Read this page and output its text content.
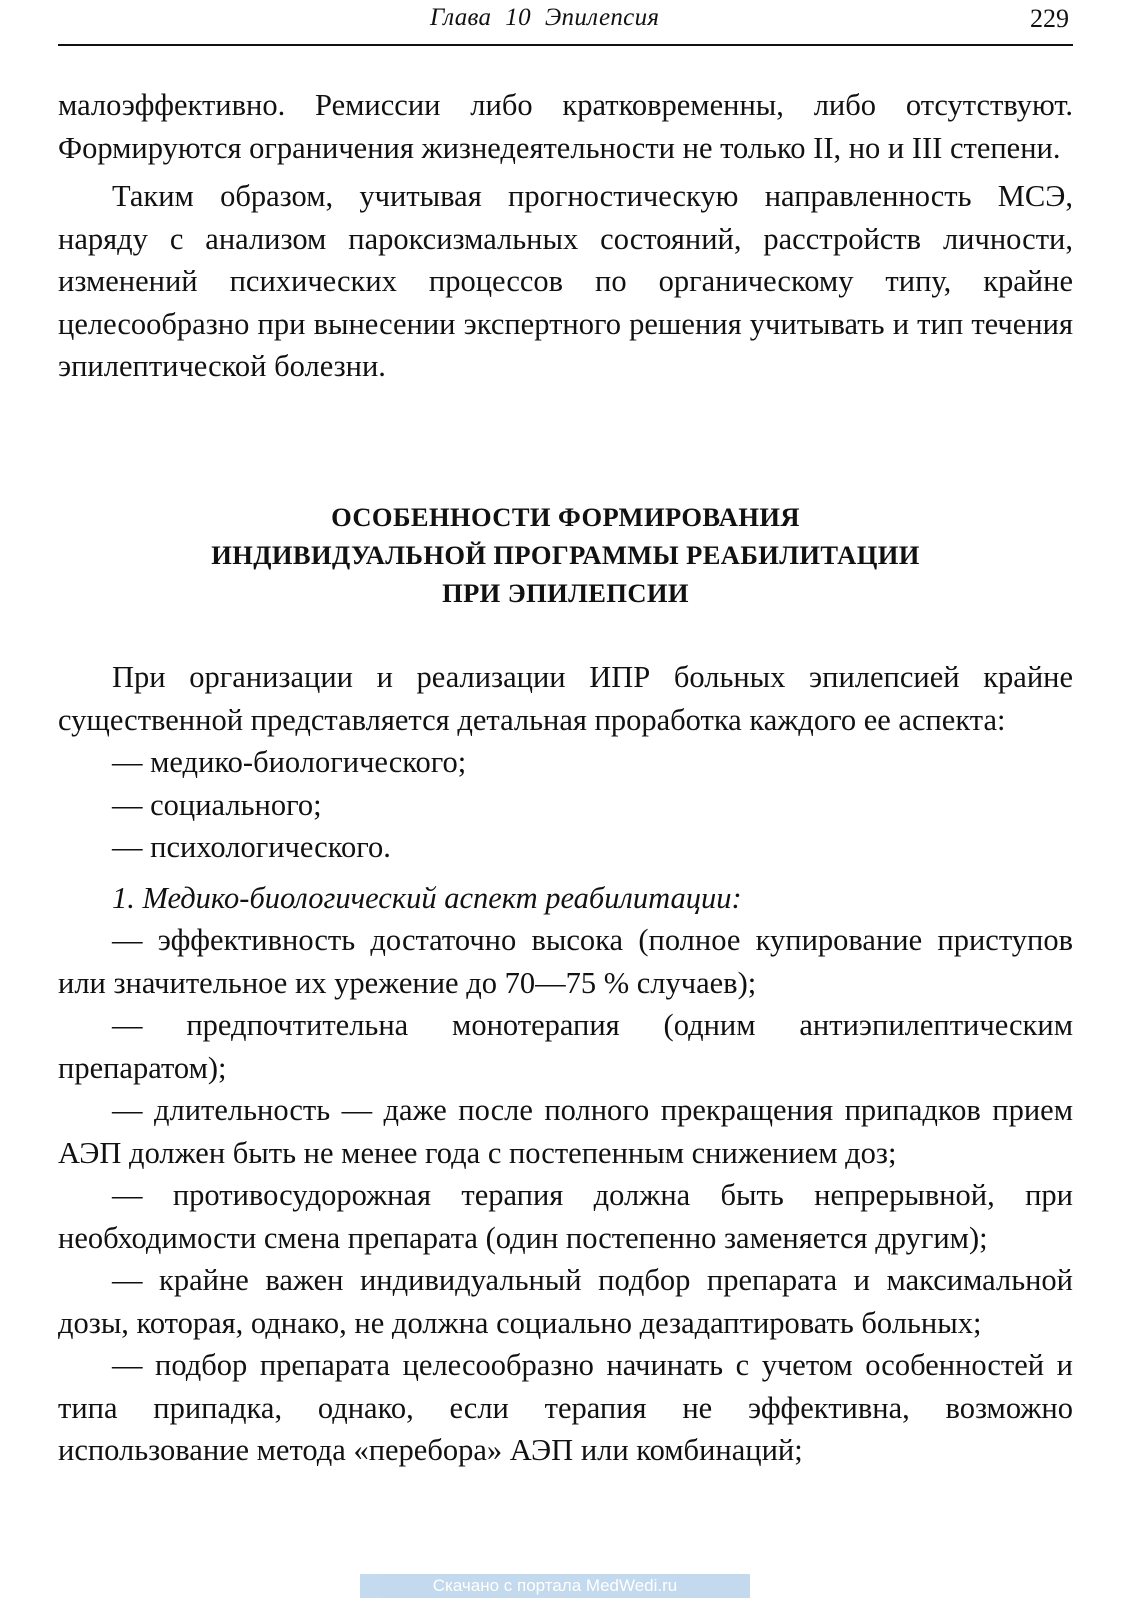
Глава 10 Эпилепсия	229

малоэффективно. Ремиссии либо кратковременны, либо отсутствуют. Формируются ограничения жизнедеятельности не только II, но и III степени.

Таким образом, учитывая прогностическую направленность МСЭ, наряду с анализом пароксизмальных состояний, расстройств личности, изменений психических процессов по органическому типу, крайне целесообразно при вынесении экспертного решения учитывать и тип течения эпилептической болезни.

ОСОБЕННОСТИ ФОРМИРОВАНИЯ
ИНДИВИДУАЛЬНОЙ ПРОГРАММЫ РЕАБИЛИТАЦИИ
ПРИ ЭПИЛЕПСИИ

При организации и реализации ИПР больных эпилепсией крайне существенной представляется детальная проработка каждого ее аспекта:

— медико-биологического;

— социального;

— психологического.

1. Медико-биологический аспект реабилитации:

— эффективность достаточно высока (полное купирование приступов или значительное их урежение до 70—75 % случаев);

— предпочтительна монотерапия (одним антиэпилептическим препаратом);

— длительность — даже после полного прекращения припадков прием АЭП должен быть не менее года с постепенным снижением доз;

— противосудорожная терапия должна быть непрерывной, при необходимости смена препарата (один постепенно заменяется другим);

— крайне важен индивидуальный подбор препарата и максимальной дозы, которая, однако, не должна социально дезадаптировать больных;

— подбор препарата целесообразно начинать с учетом особенностей и типа припадка, однако, если терапия не эффективна, возможно использование метода «перебора» АЭП или комбинаций;

Скачано с портала MedWedi.ru
